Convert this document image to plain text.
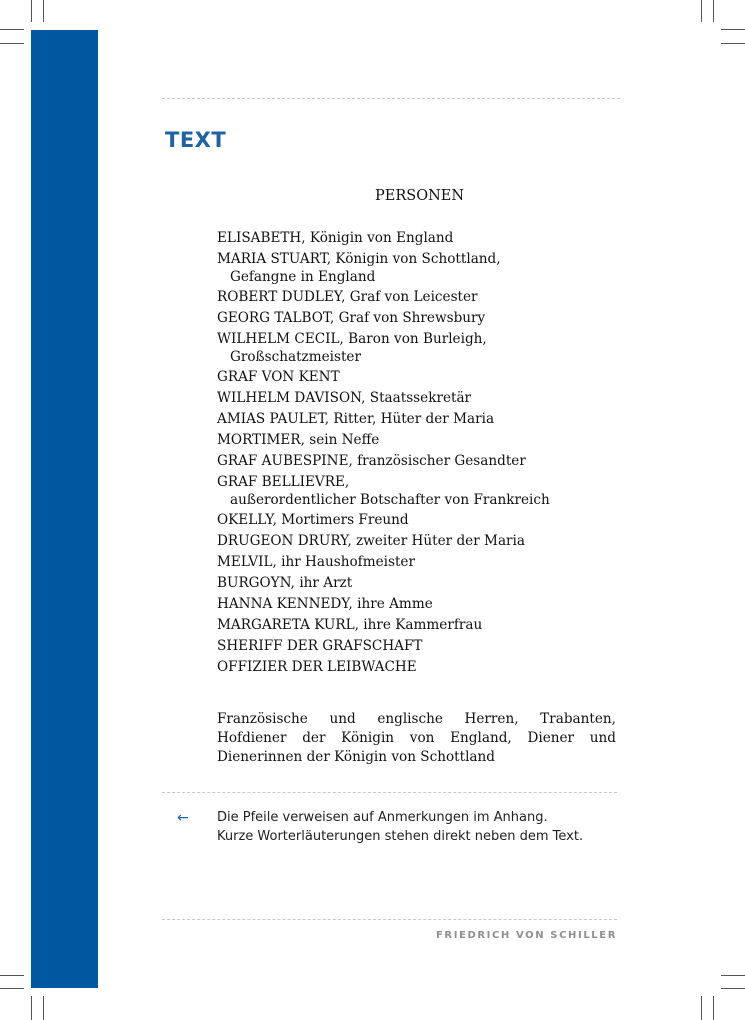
TEXT
PERSONEN
ELISABETH, Königin von England
MARIA STUART, Königin von Schottland,
Gefangne in England
ROBERT DUDLEY, Graf von Leicester
GEORG TALBOT, Graf von Shrewsbury
WILHELM CECIL, Baron von Burleigh,
Großschatzmeister
GRAF VON KENT
WILHELM DAVISON, Staatssekretär
AMIAS PAULET, Ritter, Hüter der Maria
MORTIMER, sein Neffe
GRAF AUBESPINE, französischer Gesandter
GRAF BELLIEVRE,
außerordentlicher Botschafter von Frankreich
OKELLY, Mortimers Freund
DRUGEON DRURY, zweiter Hüter der Maria
MELVIL, ihr Haushofmeister
BURGOYN, ihr Arzt
HANNA KENNEDY, ihre Amme
MARGARETA KURL, ihre Kammerfrau
SHERIFF DER GRAFSCHAFT
OFFIZIER DER LEIBWACHE
Französische und englische Herren, Trabanten, Hofdiener der Königin von England, Diener und Dienerinnen der Königin von Schottland
← Die Pfeile verweisen auf Anmerkungen im Anhang.
Kurze Worterläuterungen stehen direkt neben dem Text.
FRIEDRICH VON SCHILLER
